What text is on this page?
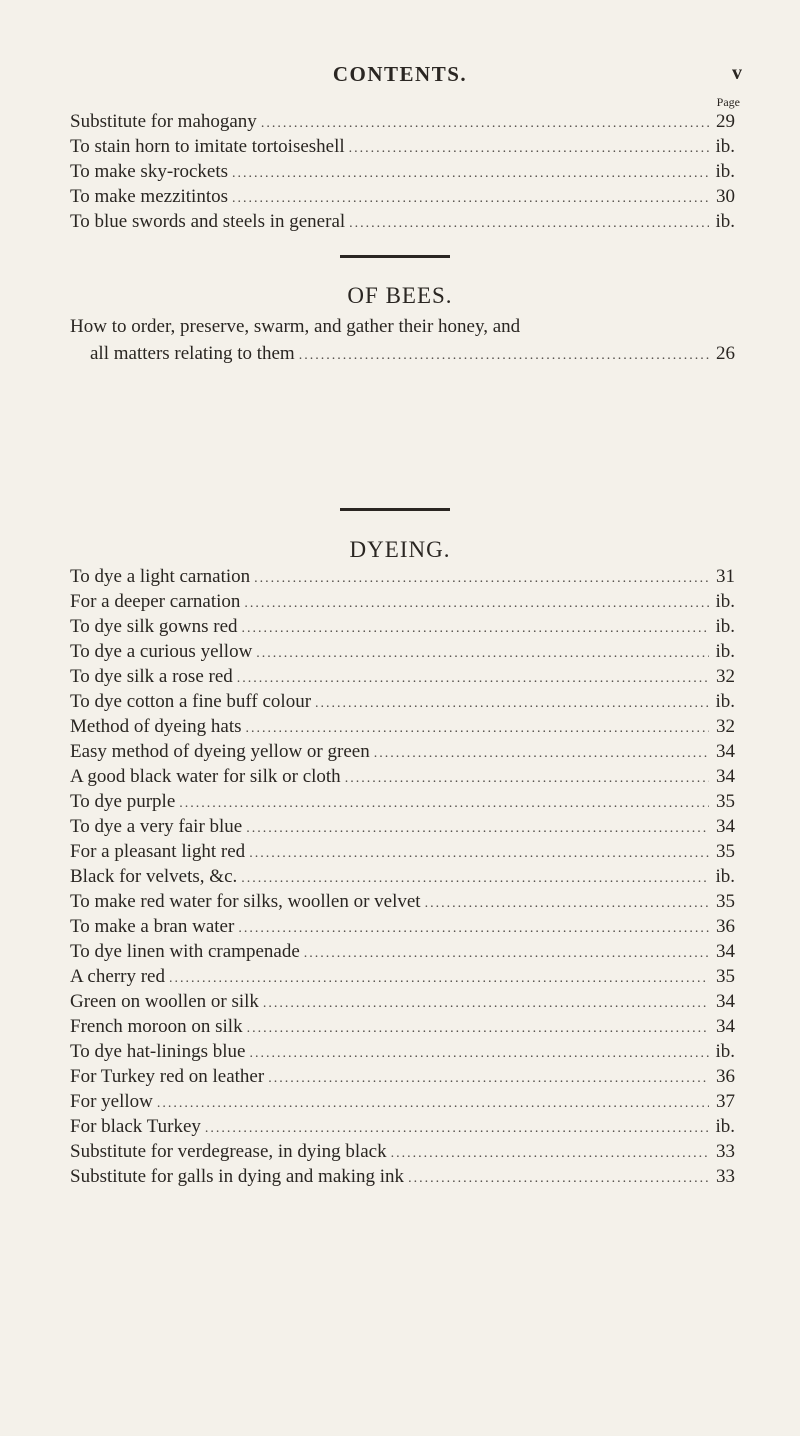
CONTENTS.	v
Page
Substitute for mahogany .....	29
To stain horn to imitate tortoiseshell .....	ib.
To make sky-rockets .....	ib.
To make mezzitintos .....	30
To blue swords and steels in general .....	ib.
OF BEES.
How to order, preserve, swarm, and gather their honey, and
all matters relating to them .....	26
DYEING.
To dye a light carnation .....	31
For a deeper carnation .....	ib.
To dye silk gowns red .....	ib.
To dye a curious yellow .....	ib.
To dye silk a rose red .....	32
To dye cotton a fine buff colour .....	ib.
Method of dyeing hats .....	32
Easy method of dyeing yellow or green .....	34
A good black water for silk or cloth .....	34
To dye purple .....	35
To dye a very fair blue .....	34
For a pleasant light red .....	35
Black for velvets, &c. .....	ib.
To make red water for silks, woollen or velvet .....	35
To make a bran water .....	36
To dye linen with crampenade .....	34
A cherry red .....	35
Green on woollen or silk .....	34
French moroon on silk .....	34
To dye hat-linings blue .....	ib.
For Turkey red on leather .....	36
For yellow .....	37
For black Turkey .....	ib.
Substitute for verdegrease, in dying black .....	33
Substitute for galls in dying and making ink .....	33
